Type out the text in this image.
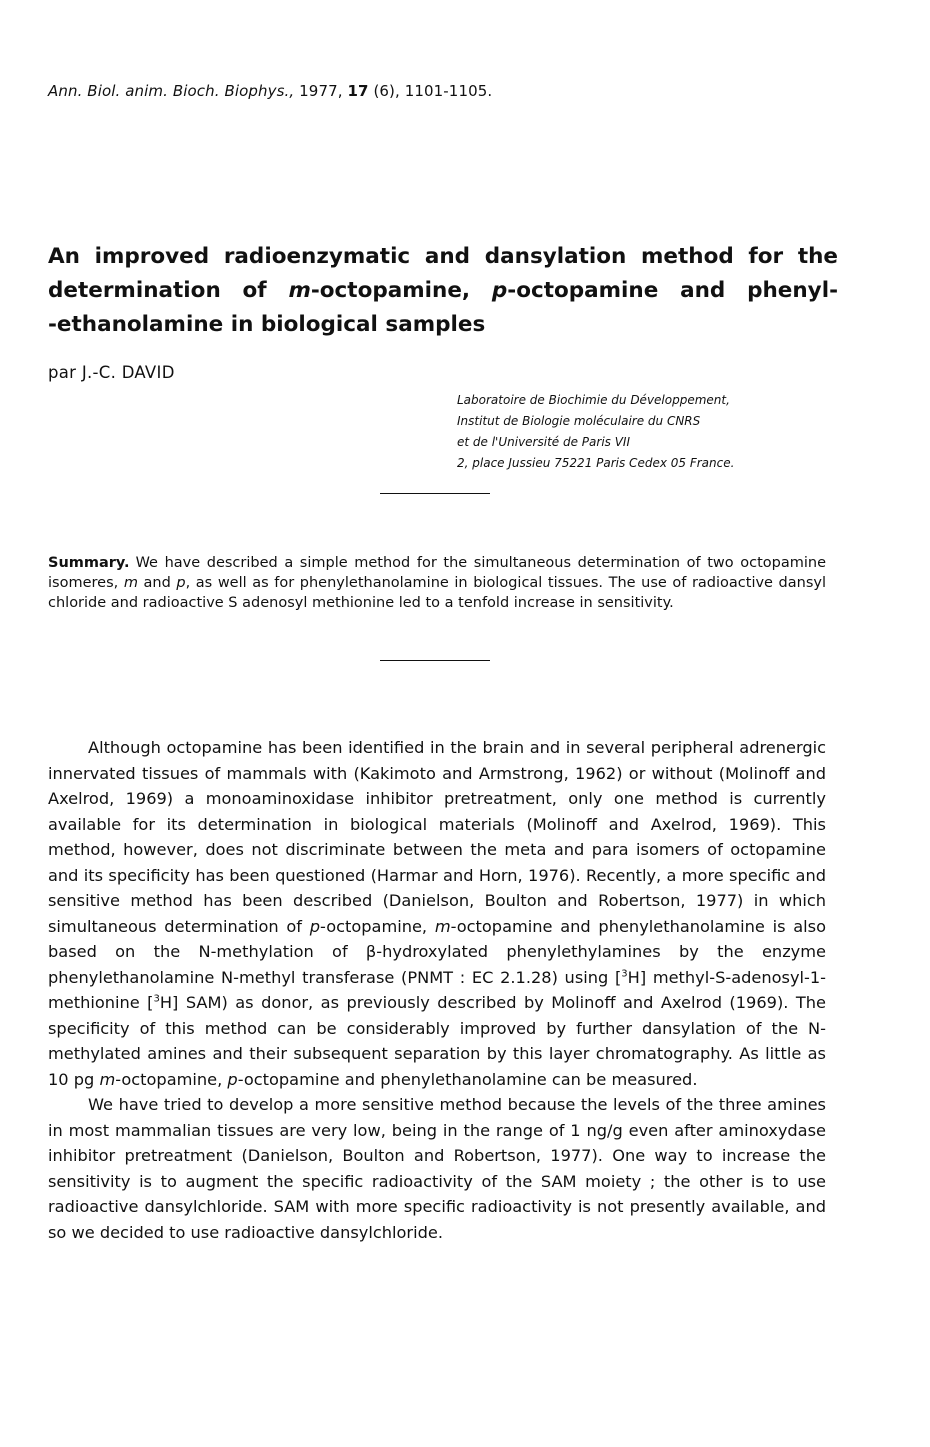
Ann. Biol. anim. Bioch. Biophys., 1977, 17 (6), 1101-1105.
An improved radioenzymatic and dansylation method for the
determination of m-octopamine, p-octopamine and phenyl-
-ethanolamine in biological samples
par J.-C. DAVID
Laboratoire de Biochimie du Développement,
Institut de Biologie moléculaire du CNRS
et de l'Université de Paris VII
2, place Jussieu 75221 Paris Cedex 05 France.

Summary. We have described a simple method for the simultaneous determination of two octopamine isomeres, m and p, as well as for phenylethanolamine in biological tissues. The use of radioactive dansyl chloride and radioactive S adenosyl methionine led to a tenfold increase in sensitivity.

Although octopamine has been identified in the brain and in several peripheral adrenergic innervated tissues of mammals with (Kakimoto and Armstrong, 1962) or without (Molinoff and Axelrod, 1969) a monoaminoxidase inhibitor pretreatment, only one method is currently available for its determination in biological materials (Molinoff and Axelrod, 1969). This method, however, does not discriminate between the meta and para isomers of octopamine and its specificity has been questioned (Harmar and Horn, 1976). Recently, a more specific and sensitive method has been described (Danielson, Boulton and Robertson, 1977) in which simultaneous determination of p-octopamine, m-octopamine and phenylethanolamine is also based on the N-methylation of β-hydroxylated phenylethylamines by the enzyme phenylethanolamine N-methyl transferase (PNMT : EC 2.1.28) using [$^3$H] methyl-S-adenosyl-1-methionine [$^3$H] SAM) as donor, as previously described by Molinoff and Axelrod (1969). The specificity of this method can be considerably improved by further dansylation of the N-methylated amines and their subsequent separation by this layer chromatography. As little as 10 pg m-octopamine, p-octopamine and phenylethanolamine can be measured.

We have tried to develop a more sensitive method because the levels of the three amines in most mammalian tissues are very low, being in the range of 1 ng/g even after aminoxydase inhibitor pretreatment (Danielson, Boulton and Robertson, 1977). One way to increase the sensitivity is to augment the specific radioactivity of the SAM moiety ; the other is to use radioactive dansylchloride. SAM with more specific radioactivity is not presently available, and so we decided to use radioactive dansylchloride.
